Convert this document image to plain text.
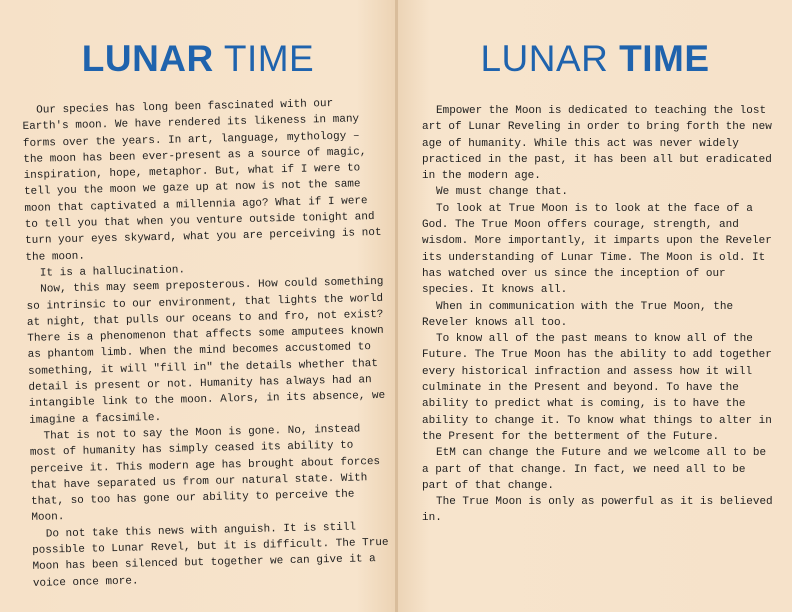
LUNAR TIME

Our species has long been fascinated with our Earth's moon. We have rendered its likeness in many forms over the years. In art, language, mythology – the moon has been ever-present as a source of magic, inspiration, hope, metaphor. But, what if I were to tell you the moon we gaze up at now is not the same moon that captivated a millennia ago? What if I were to tell you that when you venture outside tonight and turn your eyes skyward, what you are perceiving is not the moon.

It is a hallucination.

Now, this may seem preposterous. How could something so intrinsic to our environment, that lights the world at night, that pulls our oceans to and fro, not exist? There is a phenomenon that affects some amputees known as phantom limb. When the mind becomes accustomed to something, it will "fill in" the details whether that detail is present or not. Humanity has always had an intangible link to the moon. Alors, in its absence, we imagine a facsimile.

That is not to say the Moon is gone. No, instead most of humanity has simply ceased its ability to perceive it. This modern age has brought about forces that have separated us from our natural state. With that, so too has gone our ability to perceive the Moon.

Do not take this news with anguish. It is still possible to Lunar Revel, but it is difficult. The True Moon has been silenced but together we can give it a voice once more.

LUNAR TIME

Empower the Moon is dedicated to teaching the lost art of Lunar Reveling in order to bring forth the new age of humanity. While this act was never widely practiced in the past, it has been all but eradicated in the modern age.

We must change that.

To look at True Moon is to look at the face of a God. The True Moon offers courage, strength, and wisdom. More importantly, it imparts upon the Reveler its understanding of Lunar Time. The Moon is old. It has watched over us since the inception of our species. It knows all.

When in communication with the True Moon, the Reveler knows all too.

To know all of the past means to know all of the Future. The True Moon has the ability to add together every historical infraction and assess how it will culminate in the Present and beyond. To have the ability to predict what is coming, is to have the ability to change it. To know what things to alter in the Present for the betterment of the Future.

EtM can change the Future and we welcome all to be a part of that change. In fact, we need all to be part of that change.

The True Moon is only as powerful as it is believed in.
